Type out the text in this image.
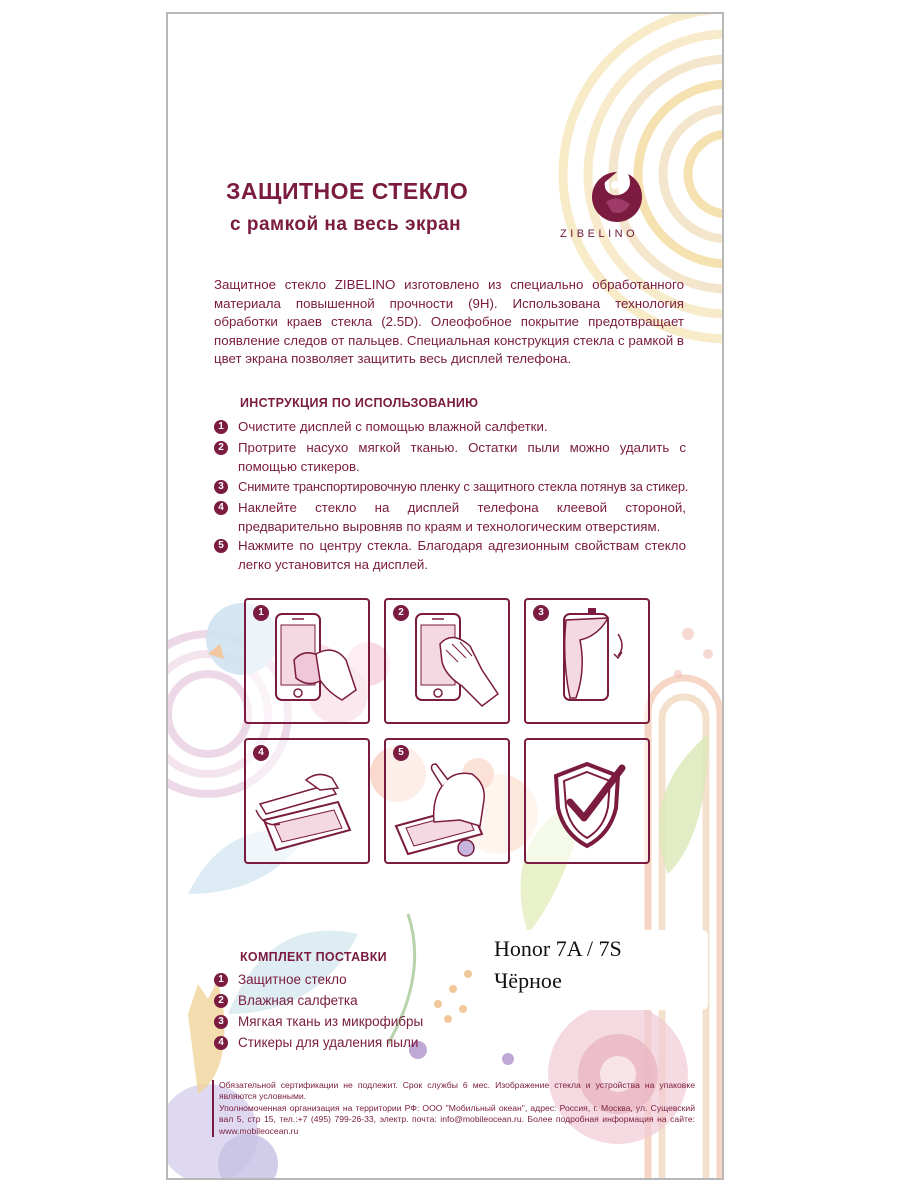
ЗАЩИТНОЕ СТЕКЛО
с рамкой на весь экран	ZIBELINO
Защитное стекло ZIBELINO изготовлено из специально обработанного материала повышенной прочности (9H). Использована технология обработки краев стекла (2.5D). Олеофобное покрытие предотвращает появление следов от пальцев. Специальная конструкция стекла с рамкой в цвет экрана позволяет защитить весь дисплей телефона.
ИНСТРУКЦИЯ ПО ИСПОЛЬЗОВАНИЮ
1	Очистите дисплей с помощью влажной салфетки.
2	Протрите насухо мягкой тканью. Остатки пыли можно удалить с помощью стикеров.
3	Снимите транспортировочную пленку с защитного стекла потянув за стикер.
4	Наклейте стекло на дисплей телефона клеевой стороной, предварительно выровняв по краям и технологическим отверстиям.
5	Нажмите по центру стекла. Благодаря адгезионным свойствам стекло легко установится на дисплей.
1	2	3
4	5
КОМПЛЕКТ ПОСТАВКИ
1	Защитное стекло
2	Влажная салфетка
3	Мягкая ткань из микрофибры
4	Стикеры для удаления пыли
Honor 7A / 7S
Чёрное

Обязательной сертификации не подлежит. Срок службы 6 мес. Изображение стекла и устройства на упаковке являются условными.

Уполномоченная организация на территории РФ: ООО "Мобильный океан", адрес: Россия, г. Москва, ул. Сущевский вал 5, стр 15, тел.:+7 (495) 799-26-33, электр. почта: info@mobileocean.ru. Более подробная информация на сайте: www.mobileocean.ru
